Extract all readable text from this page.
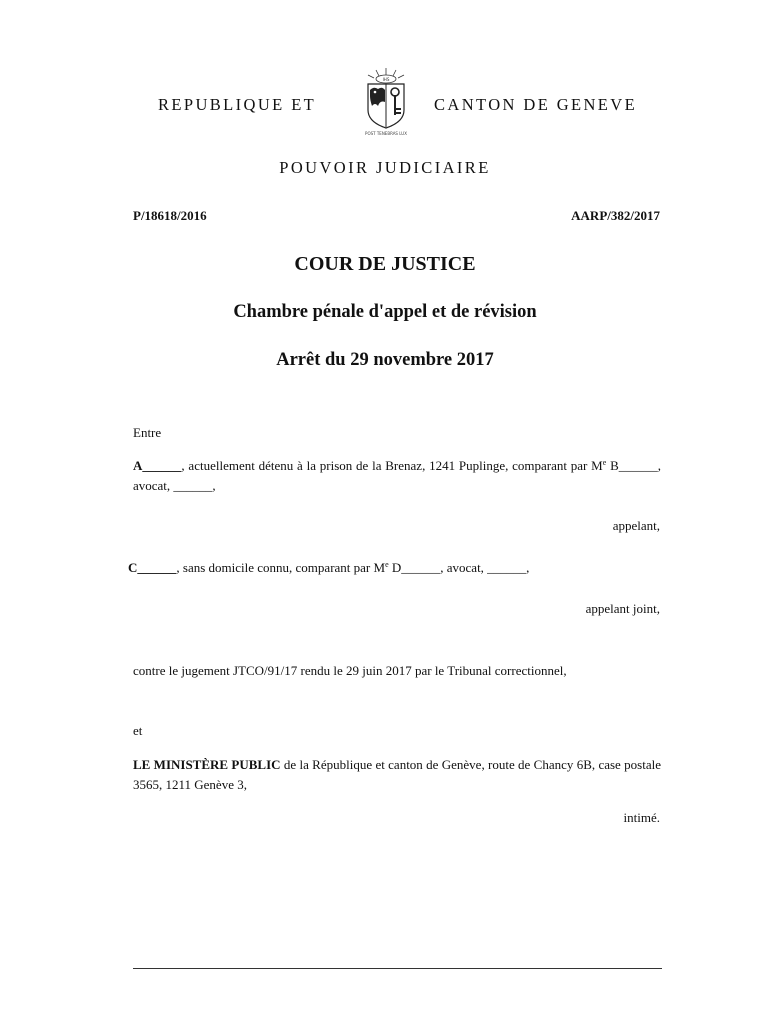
REPUBLIQUE ET
IHS
POST TENEBRAS LUX
CANTON DE GENEVE
POUVOIR JUDICIAIRE
P/18618/2016	AARP/382/2017
COUR DE JUSTICE
Chambre pénale d'appel et de révision
Arrêt du 29 novembre 2017
Entre
A______, actuellement détenu à la prison de la Brenaz, 1241 Puplinge, comparant par Me B______, avocat, ______,
appelant,
C______, sans domicile connu, comparant par Me D______, avocat, ______,
appelant joint,
contre le jugement JTCO/91/17 rendu le 29 juin 2017 par le Tribunal correctionnel,
et
LE MINISTÈRE PUBLIC de la République et canton de Genève, route de Chancy 6B, case postale 3565, 1211 Genève 3,
intimé.
